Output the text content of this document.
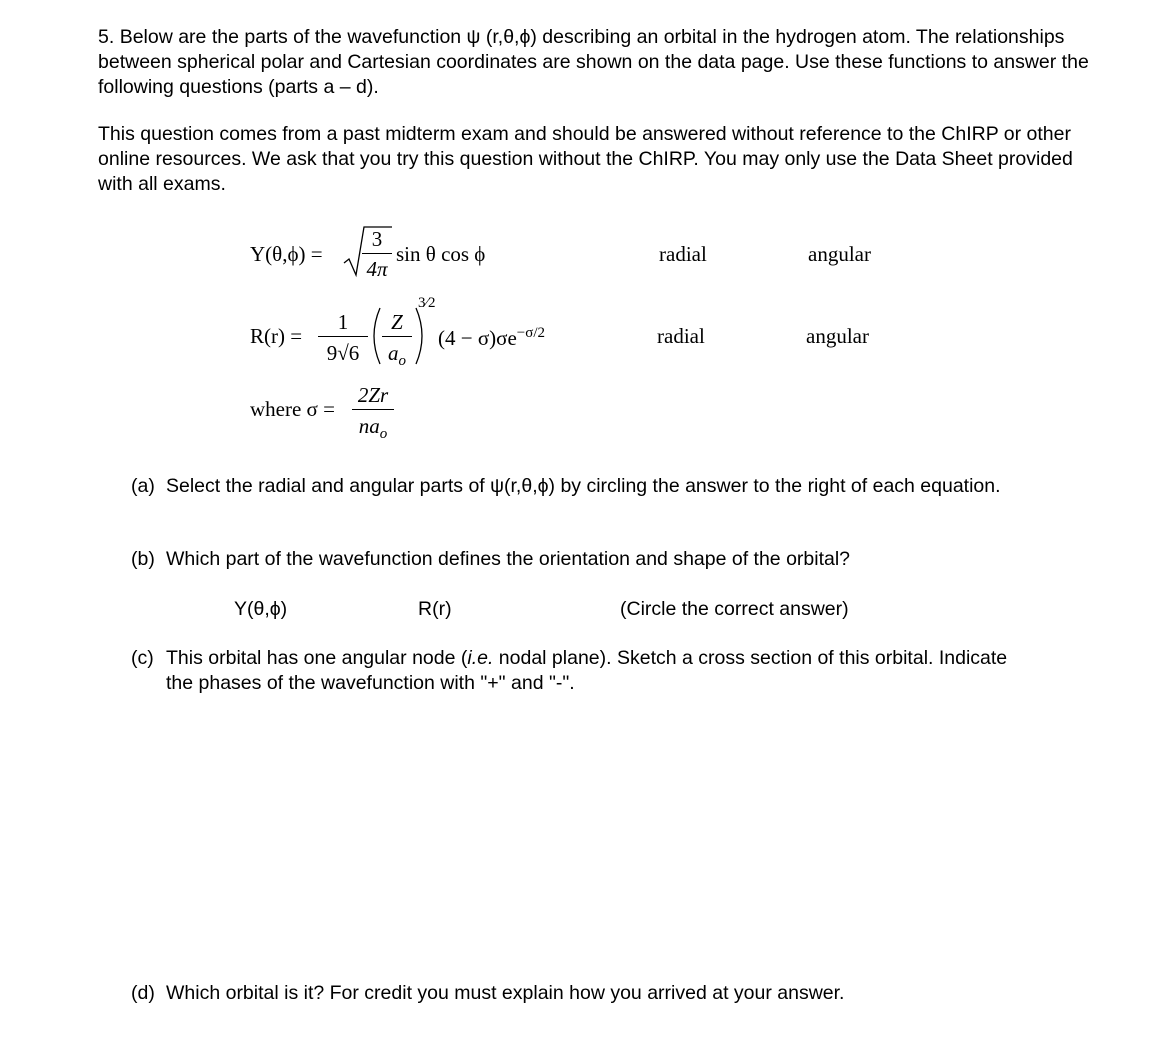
5. Below are the parts of the wavefunction ψ (r,θ,ϕ) describing an orbital in the hydrogen atom. The relationships between spherical polar and Cartesian coordinates are shown on the data page. Use these functions to answer the following questions (parts a – d).

This question comes from a past midterm exam and should be answered without reference to the ChIRP or other online resources. We ask that you try this question without the ChIRP. You may only use the Data Sheet provided with all exams.

Y(θ,ϕ) =
3
4π
sin θ cos ϕ	radial	angular
R(r) =
1
9√6
Z
$a_o$
3⁄2
$(4 - \sigma)\sigma e^{-\sigma/2}$	radial	angular
where σ =
2Zr
$na_o$
(a) Select the radial and angular parts of ψ(r,θ,ϕ) by circling the answer to the right of each equation.
(b) Which part of the wavefunction defines the orientation and shape of the orbital?
Y(θ,ϕ)	R(r)	(Circle the correct answer)
(c) This orbital has one angular node (i.e. nodal plane). Sketch a cross section of this orbital. Indicate the phases of the wavefunction with "+" and "-".
(d) Which orbital is it? For credit you must explain how you arrived at your answer.
